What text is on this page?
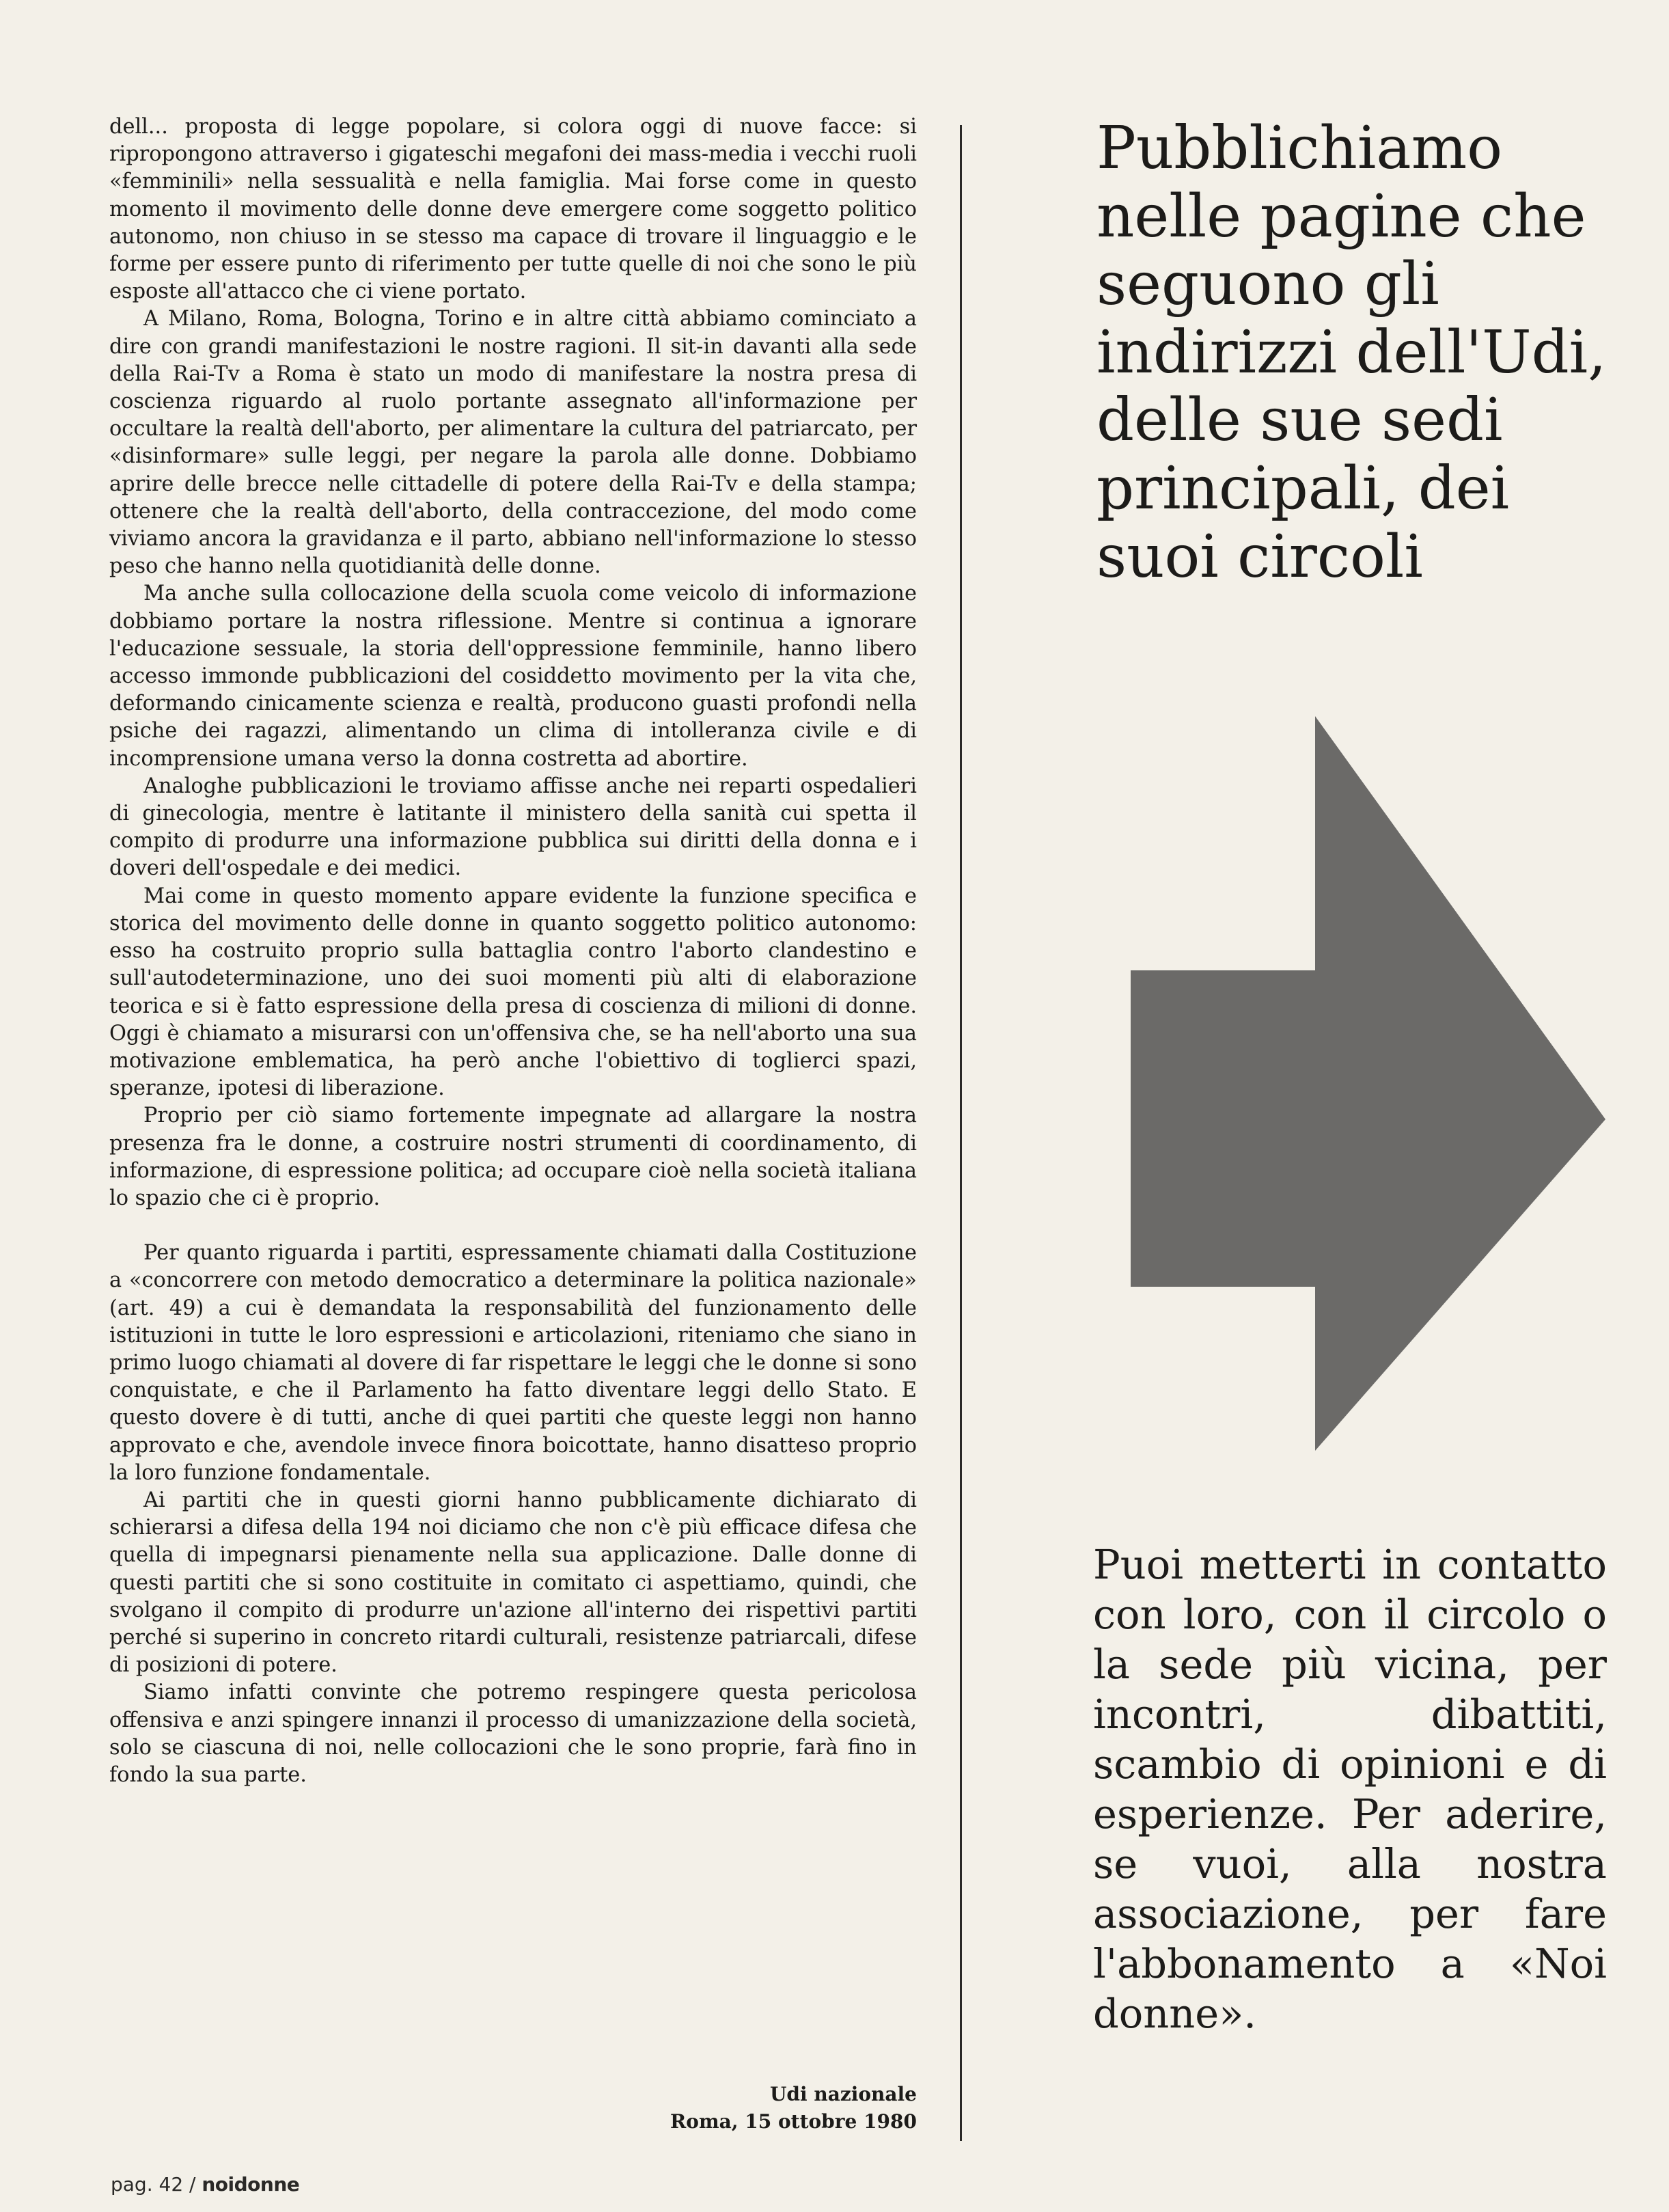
dell... proposta di legge popolare, si colora oggi di nuove facce: si ripropongono attraverso i gigateschi megafoni dei mass-media i vecchi ruoli «femminili» nella sessualità e nella famiglia. Mai forse come in questo momento il movimento delle donne deve emergere come soggetto politico autonomo, non chiuso in se stesso ma capace di trovare il linguaggio e le forme per essere punto di riferimento per tutte quelle di noi che sono le più esposte all'attacco che ci viene portato.

A Milano, Roma, Bologna, Torino e in altre città abbiamo cominciato a dire con grandi manifestazioni le nostre ragioni. Il sit-in davanti alla sede della Rai-Tv a Roma è stato un modo di manifestare la nostra presa di coscienza riguardo al ruolo portante assegnato all'informazione per occultare la realtà dell'aborto, per alimentare la cultura del patriarcato, per «disinformare» sulle leggi, per negare la parola alle donne. Dobbiamo aprire delle brecce nelle cittadelle di potere della Rai-Tv e della stampa; ottenere che la realtà dell'aborto, della contraccezione, del modo come viviamo ancora la gravidanza e il parto, abbiano nell'informazione lo stesso peso che hanno nella quotidianità delle donne.

Ma anche sulla collocazione della scuola come veicolo di informazione dobbiamo portare la nostra riflessione. Mentre si continua a ignorare l'educazione sessuale, la storia dell'oppressione femminile, hanno libero accesso immonde pubblicazioni del cosiddetto movimento per la vita che, deformando cinicamente scienza e realtà, producono guasti profondi nella psiche dei ragazzi, alimentando un clima di intolleranza civile e di incomprensione umana verso la donna costretta ad abortire.

Analoghe pubblicazioni le troviamo affisse anche nei reparti ospedalieri di ginecologia, mentre è latitante il ministero della sanità cui spetta il compito di produrre una informazione pubblica sui diritti della donna e i doveri dell'ospedale e dei medici.

Mai come in questo momento appare evidente la funzione specifica e storica del movimento delle donne in quanto soggetto politico autonomo: esso ha costruito proprio sulla battaglia contro l'aborto clandestino e sull'autodeterminazione, uno dei suoi momenti più alti di elaborazione teorica e si è fatto espressione della presa di coscienza di milioni di donne. Oggi è chiamato a misurarsi con un'offensiva che, se ha nell'aborto una sua motivazione emblematica, ha però anche l'obiettivo di toglierci spazi, speranze, ipotesi di liberazione.

Proprio per ciò siamo fortemente impegnate ad allargare la nostra presenza fra le donne, a costruire nostri strumenti di coordinamento, di informazione, di espressione politica; ad occupare cioè nella società italiana lo spazio che ci è proprio.

Per quanto riguarda i partiti, espressamente chiamati dalla Costituzione a «concorrere con metodo democratico a determinare la politica nazionale» (art. 49) a cui è demandata la responsabilità del funzionamento delle istituzioni in tutte le loro espressioni e articolazioni, riteniamo che siano in primo luogo chiamati al dovere di far rispettare le leggi che le donne si sono conquistate, e che il Parlamento ha fatto diventare leggi dello Stato. E questo dovere è di tutti, anche di quei partiti che queste leggi non hanno approvato e che, avendole invece finora boicottate, hanno disatteso proprio la loro funzione fondamentale.

Ai partiti che in questi giorni hanno pubblicamente dichiarato di schierarsi a difesa della 194 noi diciamo che non c'è più efficace difesa che quella di impegnarsi pienamente nella sua applicazione. Dalle donne di questi partiti che si sono costituite in comitato ci aspettiamo, quindi, che svolgano il compito di produrre un'azione all'interno dei rispettivi partiti perché si superino in concreto ritardi culturali, resistenze patriarcali, difese di posizioni di potere.

Siamo infatti convinte che potremo respingere questa pericolosa offensiva e anzi spingere innanzi il processo di umanizzazione della società, solo se ciascuna di noi, nelle collocazioni che le sono proprie, farà fino in fondo la sua parte.

Udi nazionale
Roma, 15 ottobre 1980
Pubblichiamo nelle pagine che seguono gli indirizzi dell'Udi, delle sue sedi principali, dei suoi circoli

Puoi metterti in contatto con loro, con il circolo o la sede più vicina, per incontri, dibattiti, scambio di opinioni e di esperienze. Per aderire, se vuoi, alla nostra associazione, per fare l'abbonamento a «Noi donne».

pag. 42 / noidonne
